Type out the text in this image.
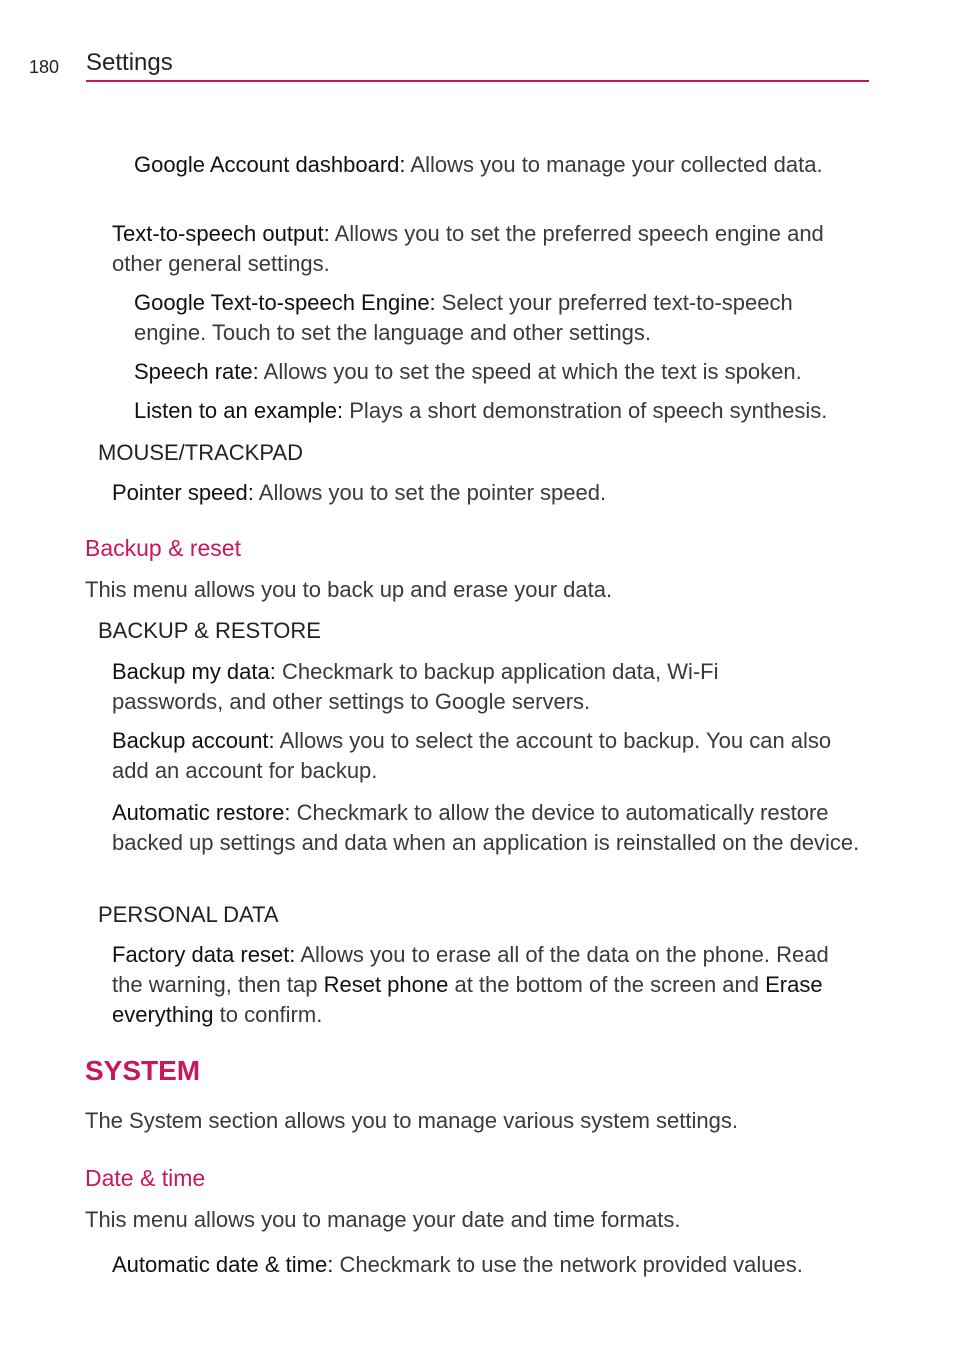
180 Settings
Google Account dashboard: Allows you to manage your collected data.
Text-to-speech output: Allows you to set the preferred speech engine and other general settings.
Google Text-to-speech Engine: Select your preferred text-to-speech engine. Touch to set the language and other settings.
Speech rate: Allows you to set the speed at which the text is spoken.
Listen to an example: Plays a short demonstration of speech synthesis.
MOUSE/TRACKPAD
Pointer speed: Allows you to set the pointer speed.
Backup & reset
This menu allows you to back up and erase your data.
BACKUP & RESTORE
Backup my data: Checkmark to backup application data, Wi-Fi passwords, and other settings to Google servers.
Backup account: Allows you to select the account to backup. You can also add an account for backup.
Automatic restore: Checkmark to allow the device to automatically restore backed up settings and data when an application is reinstalled on the device.
PERSONAL DATA
Factory data reset: Allows you to erase all of the data on the phone. Read the warning, then tap Reset phone at the bottom of the screen and Erase everything to confirm.
SYSTEM
The System section allows you to manage various system settings.
Date & time
This menu allows you to manage your date and time formats.
Automatic date & time: Checkmark to use the network provided values.
